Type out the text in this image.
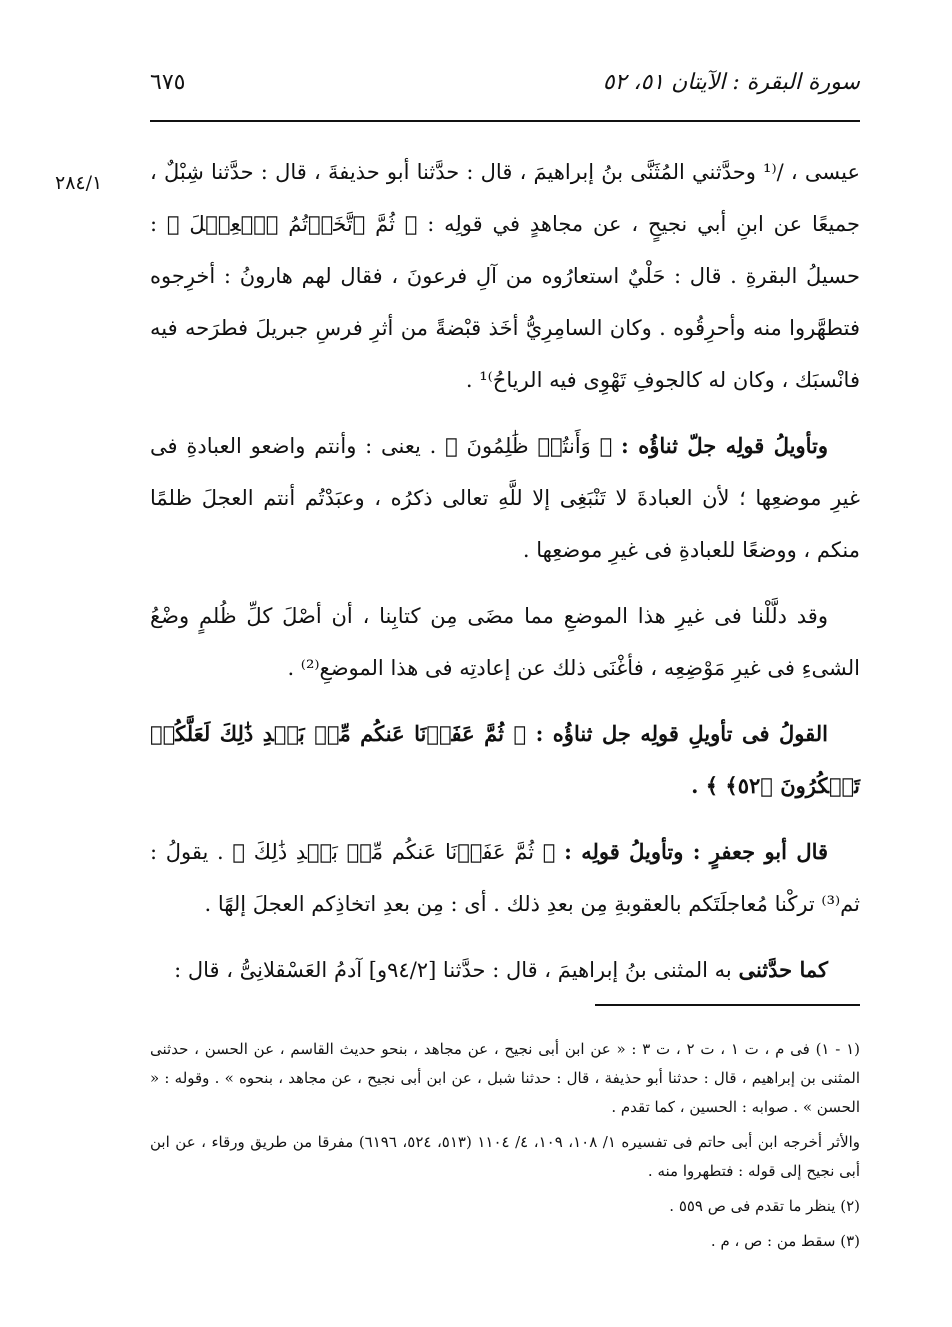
سورة البقرة : الآيتان ٥١، ٥٢
٦٧٥
٢٨٤/١ عيسى ، /⁽¹ وحدَّثني المُثَنَّى بنُ إبراهيمَ ، قال : حدَّثنا أبو حذيفةَ ، قال : حدَّثنا شِبْلٌ ، جميعًا عن ابنِ أبي نجيحٍ ، عن مجاهدٍ في قولِه : ﴿ ثُمَّ ٱتَّخَذۡتُمُ ٱلۡعِجۡلَ ﴾ : حسيلُ البقرةِ . قال : حَلْيٌ استعارُوه من آلِ فرعونَ ، فقال لهم هارونُ : أخرِجوه فتطهَّروا منه وأحرِقُوه . وكان السامِرِيُّ أخَذ قبْضةً من أثرِ فرسِ جبريلَ فطرَحه فيه فانْسبَك ، وكان له كالجوفِ تَهْوِى فيه الرياحُ⁾¹ .

وتأويلُ قولِه جلّ ثناؤُه : ﴿ وَأَنتُمۡ ظَٰلِمُونَ ﴾ . يعنى : وأنتم واضعو العبادةِ فى غيرِ موضعِها ؛ لأن العبادةَ لا تَنْبَغِى إلا للَّهِ تعالى ذكرُه ، وعبَدْتُم أنتم العجلَ ظلمًا منكم ، ووضعًا للعبادةِ فى غيرِ موضعِها .

وقد دلَّلْنا فى غيرِ هذا الموضعِ مما مضَى مِن كتابِنا ، أن أصْلَ كلِّ ظُلمٍ وضْعُ الشىءِ فى غيرِ مَوْضِعِه ، فأغْنَى ذلك عن إعادتِه فى هذا الموضعِ⁽²⁾ .

القولُ فى تأويلِ قولِه جل ثناؤُه : ﴿ ثُمَّ عَفَوۡنَا عَنكُم مِّنۢ بَعۡدِ ذَٰلِكَ لَعَلَّكُمۡ تَشۡكُرُونَ ﴿٥٢﴾ ﴾ .

قال أبو جعفرٍ : وتأويلُ قولِه : ﴿ ثُمَّ عَفَوۡنَا عَنكُم مِّنۢ بَعۡدِ ذَٰلِكَ ﴾ . يقولُ : ثم⁽³⁾ تركْنا مُعاجلَتَكم بالعقوبةِ مِن بعدِ ذلك . أى : مِن بعدِ اتخاذِكم العجلَ إلهًا .

كما حدَّثنى به المثنى بنُ إبراهيمَ ، قال : حدَّثنا [٩٤/٢و] آدمُ العَسْقلانِىُّ ، قال :

(١ - ١) فى م ، ت ١ ، ت ٢ ، ت ٣ : « عن ابن أبى نجيح ، عن مجاهد ، بنحو حديث القاسم ، عن الحسن ، حدثنى المثنى بن إبراهيم ، قال : حدثنا أبو حذيفة ، قال : حدثنا شبل ، عن ابن أبى نجيح ، عن مجاهد ، بنحوه » . وقوله : « الحسن » . صوابه : الحسين ، كما تقدم .

والأثر أخرجه ابن أبى حاتم فى تفسيره ١/ ١٠٨، ١٠٩، ٤/ ١١٠٤ (٥١٣، ٥٢٤، ٦١٩٦) مفرقا من طريق ورقاء ، عن ابن أبى نجيح إلى قوله : فتطهروا منه .

(٢) ينظر ما تقدم فى ص ٥٥٩ .

(٣) سقط من : ص ، م .
